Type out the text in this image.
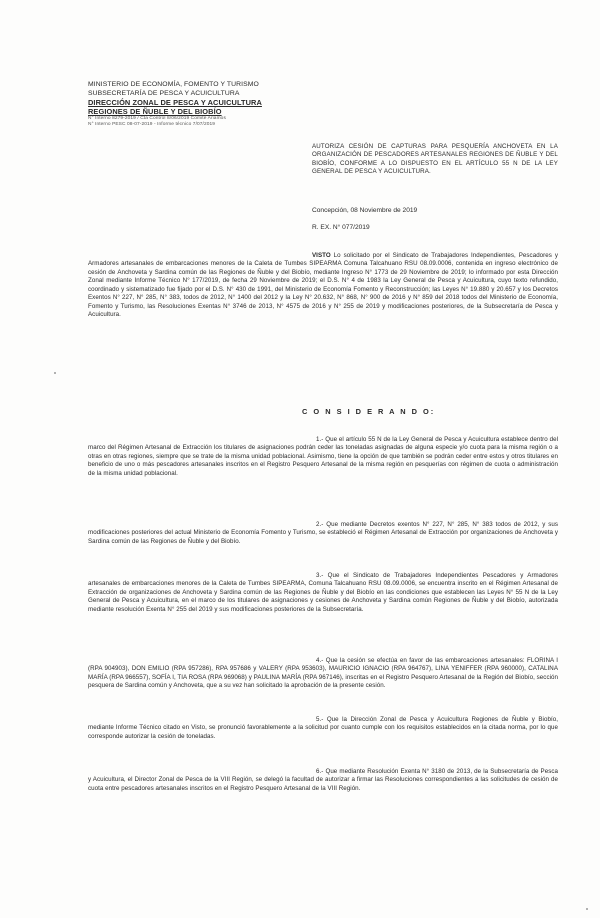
MINISTERIO DE ECONOMÍA, FOMENTO Y TURISMO
SUBSECRETARÍA DE PESCA Y ACUICULTURA
DIRECCIÓN ZONAL DE PESCA Y ACUICULTURA
REGIONES DE ÑUBLE Y DEL BIOBÍO
N° Interno 8279-2019 / Cta Control 8/06/2019 Comité Ariamos
N° Interno PESC 08-07-2019 - Informe técnico 7/07/2019
AUTORIZA CESIÓN DE CAPTURAS PARA PESQUERÍA ANCHOVETA EN LA ORGANIZACIÓN DE PESCADORES ARTESANALES REGIONES DE ÑUBLE Y DEL BIOBÍO, CONFORME A LO DISPUESTO EN EL ARTÍCULO 55 N DE LA LEY GENERAL DE PESCA Y ACUICULTURA.
Concepción, 08 Noviembre de 2019
R. EX. N° 077/2019
VISTO Lo solicitado por el Sindicato de Trabajadores Independientes, Pescadores y Armadores artesanales de embarcaciones menores de la Caleta de Tumbes SIPEARMA Comuna Talcahuano RSU 08.09.0006, contenida en ingreso electrónico de cesión de Anchoveta y Sardina común de las Regiones de Ñuble y del Biobío, mediante Ingreso N° 1773 de 29 Noviembre de 2019; lo informado por esta Dirección Zonal mediante Informe Técnico N° 177/2019, de fecha 29 Noviembre de 2019; el D.S. N° 4 de 1983 la Ley General de Pesca y Acuicultura, cuyo texto refundido, coordinado y sistematizado fue fijado por el D.S. N° 430 de 1991, del Ministerio de Economía Fomento y Reconstrucción; las Leyes N° 19.880 y 20.657 y los Decretos Exentos N° 227, N° 285, N° 383, todos de 2012, N° 1400 del 2012 y la Ley N° 20.632, N° 868, N° 900 de 2016 y N° 859 del 2018 todos del Ministerio de Economía, Fomento y Turismo, las Resoluciones Exentas N° 3746 de 2013, N° 4575 de 2016 y N° 255 de 2019 y modificaciones posteriores, de la Subsecretaría de Pesca y Acuicultura.
C O N S I D E R A N D O:
1.- Que el artículo 55 N de la Ley General de Pesca y Acuicultura establece dentro del marco del Régimen Artesanal de Extracción los titulares de asignaciones podrán ceder las toneladas asignadas de alguna especie y/o cuota para la misma región o a otras en otras regiones, siempre que se trate de la misma unidad poblacional. Asimismo, tiene la opción de que también se podrán ceder entre estos y otros titulares en beneficio de uno o más pescadores artesanales inscritos en el Registro Pesquero Artesanal de la misma región en pesquerías con régimen de cuota o administración de la misma unidad poblacional.
2.- Que mediante Decretos exentos N° 227, N° 285, N° 383 todos de 2012, y sus modificaciones posteriores del actual Ministerio de Economía Fomento y Turismo, se estableció el Régimen Artesanal de Extracción por organizaciones de Anchoveta y Sardina común de las Regiones de Ñuble y del Biobío.
3.- Que el Sindicato de Trabajadores Independientes Pescadores y Armadores artesanales de embarcaciones menores de la Caleta de Tumbes SIPEARMA, Comuna Talcahuano RSU 08.09.0006, se encuentra inscrito en el Régimen Artesanal de Extracción de organizaciones de Anchoveta y Sardina común de las Regiones de Ñuble y del Biobío en las condiciones que establecen las Leyes N° 55 N de la Ley General de Pesca y Acuicultura, en el marco de los titulares de asignaciones y cesiones de Anchoveta y Sardina común Regiones de Ñuble y del Biobío, autorizada mediante resolución Exenta N° 255 del 2019 y sus modificaciones posteriores de la Subsecretaría.
4.- Que la cesión se efectúa en favor de las embarcaciones artesanales: FLORINA I (RPA 904903), DON EMILIO (RPA 957286), RPA 957686 y VALERY (RPA 953603), MAURICIO IGNACIO (RPA 964767), LINA YENIFFER (RPA 960000), CATALINA MARÍA (RPA 966557), SOFÍA I, TIA ROSA (RPA 969068) y PAULINA MARÍA (RPA 967146), inscritas en el Registro Pesquero Artesanal de la Región del Biobío, sección pesquera de Sardina común y Anchoveta, que a su vez han solicitado la aprobación de la presente cesión.
5.- Que la Dirección Zonal de Pesca y Acuicultura Regiones de Ñuble y Biobío, mediante Informe Técnico citado en Visto, se pronunció favorablemente a la solicitud por cuanto cumple con los requisitos establecidos en la citada norma, por lo que corresponde autorizar la cesión de toneladas.
6.- Que mediante Resolución Exenta N° 3180 de 2013, de la Subsecretaría de Pesca y Acuicultura, el Director Zonal de Pesca de la VIII Región, se delegó la facultad de autorizar a firmar las Resoluciones correspondientes a las solicitudes de cesión de cuota entre pescadores artesanales inscritos en el Registro Pesquero Artesanal de la VIII Región.
